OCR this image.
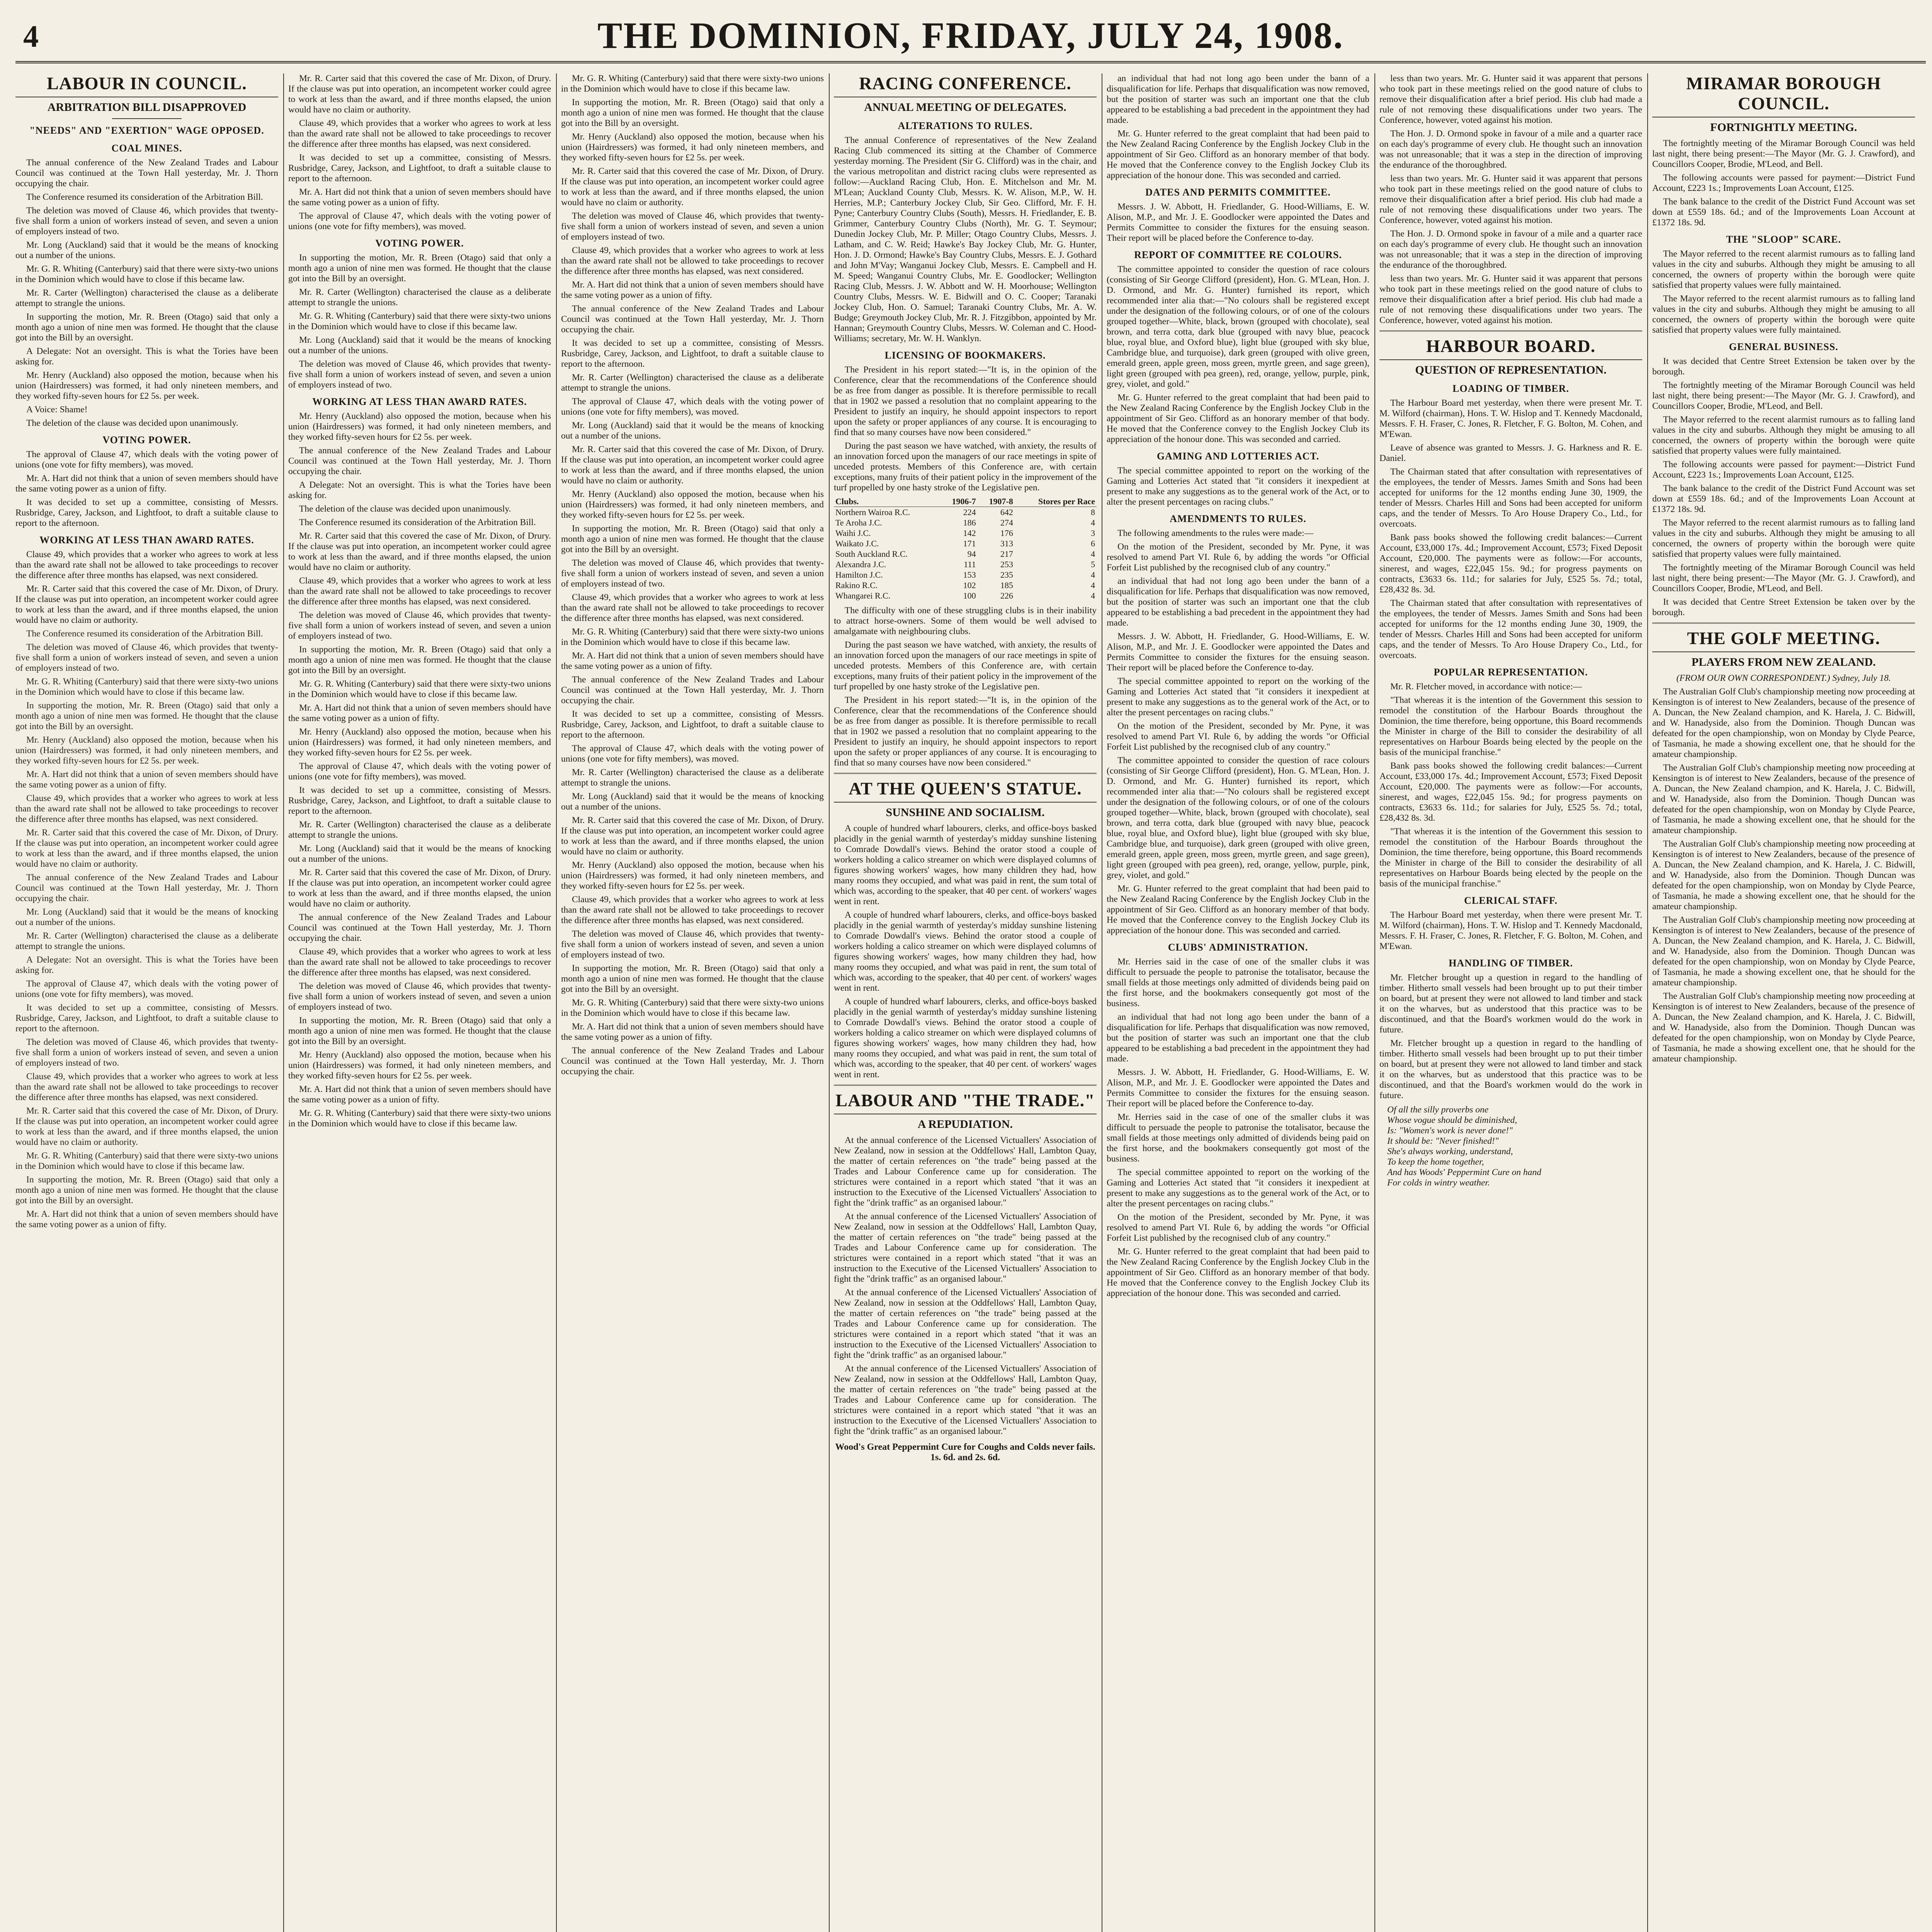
4	THE DOMINION, FRIDAY, JULY 24, 1908.
LABOUR IN COUNCIL.
ARBITRATION BILL DISAPPROVED
"NEEDS" AND "EXERTION" WAGE OPPOSED.
COAL MINES.

The annual conference of the New Zealand Trades and Labour Council was continued at the Town Hall yesterday, Mr. J. Thorn occupying the chair.

The Conference resumed its consideration of the Arbitration Bill.

The deletion was moved of Clause 46, which provides that twenty-five shall form a union of workers instead of seven, and seven a union of employers instead of two.

Mr. Long (Auckland) said that it would be the means of knocking out a number of the unions.

Mr. G. R. Whiting (Canterbury) said that there were sixty-two unions in the Dominion which would have to close if this became law.

Mr. R. Carter (Wellington) characterised the clause as a deliberate attempt to strangle the unions.

In supporting the motion, Mr. R. Breen (Otago) said that only a month ago a union of nine men was formed. He thought that the clause got into the Bill by an oversight.

A Delegate: Not an oversight. This is what the Tories have been asking for.

Mr. Henry (Auckland) also opposed the motion, because when his union (Hairdressers) was formed, it had only nineteen members, and they worked fifty-seven hours for £2 5s. per week.

A Voice: Shame!

The deletion of the clause was decided upon unanimously.

VOTING POWER.

The approval of Clause 47, which deals with the voting power of unions (one vote for fifty members), was moved.

Mr. A. Hart did not think that a union of seven members should have the same voting power as a union of fifty.

It was decided to set up a committee, consisting of Messrs. Rusbridge, Carey, Jackson, and Lightfoot, to draft a suitable clause to report to the afternoon.

WORKING AT LESS THAN AWARD RATES.

Clause 49, which provides that a worker who agrees to work at less than the award rate shall not be allowed to take proceedings to recover the difference after three months has elapsed, was next considered.

Mr. R. Carter said that this covered the case of Mr. Dixon, of Drury. If the clause was put into operation, an incompetent worker could agree to work at less than the award, and if three months elapsed, the union would have no claim or authority.

The Conference resumed its consideration of the Arbitration Bill.

The deletion was moved of Clause 46, which provides that twenty-five shall form a union of workers instead of seven, and seven a union of employers instead of two.

Mr. G. R. Whiting (Canterbury) said that there were sixty-two unions in the Dominion which would have to close if this became law.

In supporting the motion, Mr. R. Breen (Otago) said that only a month ago a union of nine men was formed. He thought that the clause got into the Bill by an oversight.

Mr. Henry (Auckland) also opposed the motion, because when his union (Hairdressers) was formed, it had only nineteen members, and they worked fifty-seven hours for £2 5s. per week.

Mr. A. Hart did not think that a union of seven members should have the same voting power as a union of fifty.

Clause 49, which provides that a worker who agrees to work at less than the award rate shall not be allowed to take proceedings to recover the difference after three months has elapsed, was next considered.

Mr. R. Carter said that this covered the case of Mr. Dixon, of Drury. If the clause was put into operation, an incompetent worker could agree to work at less than the award, and if three months elapsed, the union would have no claim or authority.

The annual conference of the New Zealand Trades and Labour Council was continued at the Town Hall yesterday, Mr. J. Thorn occupying the chair.

Mr. Long (Auckland) said that it would be the means of knocking out a number of the unions.

Mr. R. Carter (Wellington) characterised the clause as a deliberate attempt to strangle the unions.

A Delegate: Not an oversight. This is what the Tories have been asking for.

The approval of Clause 47, which deals with the voting power of unions (one vote for fifty members), was moved.

It was decided to set up a committee, consisting of Messrs. Rusbridge, Carey, Jackson, and Lightfoot, to draft a suitable clause to report to the afternoon.

The deletion was moved of Clause 46, which provides that twenty-five shall form a union of workers instead of seven, and seven a union of employers instead of two.

Clause 49, which provides that a worker who agrees to work at less than the award rate shall not be allowed to take proceedings to recover the difference after three months has elapsed, was next considered.

Mr. R. Carter said that this covered the case of Mr. Dixon, of Drury. If the clause was put into operation, an incompetent worker could agree to work at less than the award, and if three months elapsed, the union would have no claim or authority.

Mr. G. R. Whiting (Canterbury) said that there were sixty-two unions in the Dominion which would have to close if this became law.

In supporting the motion, Mr. R. Breen (Otago) said that only a month ago a union of nine men was formed. He thought that the clause got into the Bill by an oversight.

Mr. A. Hart did not think that a union of seven members should have the same voting power as a union of fifty.

Mr. R. Carter said that this covered the case of Mr. Dixon, of Drury. If the clause was put into operation, an incompetent worker could agree to work at less than the award, and if three months elapsed, the union would have no claim or authority.

Clause 49, which provides that a worker who agrees to work at less than the award rate shall not be allowed to take proceedings to recover the difference after three months has elapsed, was next considered.

It was decided to set up a committee, consisting of Messrs. Rusbridge, Carey, Jackson, and Lightfoot, to draft a suitable clause to report to the afternoon.

Mr. A. Hart did not think that a union of seven members should have the same voting power as a union of fifty.

The approval of Clause 47, which deals with the voting power of unions (one vote for fifty members), was moved.

VOTING POWER.

In supporting the motion, Mr. R. Breen (Otago) said that only a month ago a union of nine men was formed. He thought that the clause got into the Bill by an oversight.

Mr. R. Carter (Wellington) characterised the clause as a deliberate attempt to strangle the unions.

Mr. G. R. Whiting (Canterbury) said that there were sixty-two unions in the Dominion which would have to close if this became law.

Mr. Long (Auckland) said that it would be the means of knocking out a number of the unions.

The deletion was moved of Clause 46, which provides that twenty-five shall form a union of workers instead of seven, and seven a union of employers instead of two.

WORKING AT LESS THAN AWARD RATES.

Mr. Henry (Auckland) also opposed the motion, because when his union (Hairdressers) was formed, it had only nineteen members, and they worked fifty-seven hours for £2 5s. per week.

The annual conference of the New Zealand Trades and Labour Council was continued at the Town Hall yesterday, Mr. J. Thorn occupying the chair.

A Delegate: Not an oversight. This is what the Tories have been asking for.

The deletion of the clause was decided upon unanimously.

The Conference resumed its consideration of the Arbitration Bill.

Mr. R. Carter said that this covered the case of Mr. Dixon, of Drury. If the clause was put into operation, an incompetent worker could agree to work at less than the award, and if three months elapsed, the union would have no claim or authority.

Clause 49, which provides that a worker who agrees to work at less than the award rate shall not be allowed to take proceedings to recover the difference after three months has elapsed, was next considered.

The deletion was moved of Clause 46, which provides that twenty-five shall form a union of workers instead of seven, and seven a union of employers instead of two.

In supporting the motion, Mr. R. Breen (Otago) said that only a month ago a union of nine men was formed. He thought that the clause got into the Bill by an oversight.

Mr. G. R. Whiting (Canterbury) said that there were sixty-two unions in the Dominion which would have to close if this became law.

Mr. A. Hart did not think that a union of seven members should have the same voting power as a union of fifty.

Mr. Henry (Auckland) also opposed the motion, because when his union (Hairdressers) was formed, it had only nineteen members, and they worked fifty-seven hours for £2 5s. per week.

The approval of Clause 47, which deals with the voting power of unions (one vote for fifty members), was moved.

It was decided to set up a committee, consisting of Messrs. Rusbridge, Carey, Jackson, and Lightfoot, to draft a suitable clause to report to the afternoon.

Mr. R. Carter (Wellington) characterised the clause as a deliberate attempt to strangle the unions.

Mr. Long (Auckland) said that it would be the means of knocking out a number of the unions.

Mr. R. Carter said that this covered the case of Mr. Dixon, of Drury. If the clause was put into operation, an incompetent worker could agree to work at less than the award, and if three months elapsed, the union would have no claim or authority.

The annual conference of the New Zealand Trades and Labour Council was continued at the Town Hall yesterday, Mr. J. Thorn occupying the chair.

Clause 49, which provides that a worker who agrees to work at less than the award rate shall not be allowed to take proceedings to recover the difference after three months has elapsed, was next considered.

The deletion was moved of Clause 46, which provides that twenty-five shall form a union of workers instead of seven, and seven a union of employers instead of two.

In supporting the motion, Mr. R. Breen (Otago) said that only a month ago a union of nine men was formed. He thought that the clause got into the Bill by an oversight.

Mr. Henry (Auckland) also opposed the motion, because when his union (Hairdressers) was formed, it had only nineteen members, and they worked fifty-seven hours for £2 5s. per week.

Mr. A. Hart did not think that a union of seven members should have the same voting power as a union of fifty.

Mr. G. R. Whiting (Canterbury) said that there were sixty-two unions in the Dominion which would have to close if this became law.

Mr. G. R. Whiting (Canterbury) said that there were sixty-two unions in the Dominion which would have to close if this became law.

In supporting the motion, Mr. R. Breen (Otago) said that only a month ago a union of nine men was formed. He thought that the clause got into the Bill by an oversight.

Mr. Henry (Auckland) also opposed the motion, because when his union (Hairdressers) was formed, it had only nineteen members, and they worked fifty-seven hours for £2 5s. per week.

Mr. R. Carter said that this covered the case of Mr. Dixon, of Drury. If the clause was put into operation, an incompetent worker could agree to work at less than the award, and if three months elapsed, the union would have no claim or authority.

The deletion was moved of Clause 46, which provides that twenty-five shall form a union of workers instead of seven, and seven a union of employers instead of two.

Clause 49, which provides that a worker who agrees to work at less than the award rate shall not be allowed to take proceedings to recover the difference after three months has elapsed, was next considered.

Mr. A. Hart did not think that a union of seven members should have the same voting power as a union of fifty.

The annual conference of the New Zealand Trades and Labour Council was continued at the Town Hall yesterday, Mr. J. Thorn occupying the chair.

It was decided to set up a committee, consisting of Messrs. Rusbridge, Carey, Jackson, and Lightfoot, to draft a suitable clause to report to the afternoon.

Mr. R. Carter (Wellington) characterised the clause as a deliberate attempt to strangle the unions.

The approval of Clause 47, which deals with the voting power of unions (one vote for fifty members), was moved.

Mr. Long (Auckland) said that it would be the means of knocking out a number of the unions.

Mr. R. Carter said that this covered the case of Mr. Dixon, of Drury. If the clause was put into operation, an incompetent worker could agree to work at less than the award, and if three months elapsed, the union would have no claim or authority.

Mr. Henry (Auckland) also opposed the motion, because when his union (Hairdressers) was formed, it had only nineteen members, and they worked fifty-seven hours for £2 5s. per week.

In supporting the motion, Mr. R. Breen (Otago) said that only a month ago a union of nine men was formed. He thought that the clause got into the Bill by an oversight.

The deletion was moved of Clause 46, which provides that twenty-five shall form a union of workers instead of seven, and seven a union of employers instead of two.

Clause 49, which provides that a worker who agrees to work at less than the award rate shall not be allowed to take proceedings to recover the difference after three months has elapsed, was next considered.

Mr. G. R. Whiting (Canterbury) said that there were sixty-two unions in the Dominion which would have to close if this became law.

Mr. A. Hart did not think that a union of seven members should have the same voting power as a union of fifty.

The annual conference of the New Zealand Trades and Labour Council was continued at the Town Hall yesterday, Mr. J. Thorn occupying the chair.

It was decided to set up a committee, consisting of Messrs. Rusbridge, Carey, Jackson, and Lightfoot, to draft a suitable clause to report to the afternoon.

The approval of Clause 47, which deals with the voting power of unions (one vote for fifty members), was moved.

Mr. R. Carter (Wellington) characterised the clause as a deliberate attempt to strangle the unions.

Mr. Long (Auckland) said that it would be the means of knocking out a number of the unions.

Mr. R. Carter said that this covered the case of Mr. Dixon, of Drury. If the clause was put into operation, an incompetent worker could agree to work at less than the award, and if three months elapsed, the union would have no claim or authority.

Mr. Henry (Auckland) also opposed the motion, because when his union (Hairdressers) was formed, it had only nineteen members, and they worked fifty-seven hours for £2 5s. per week.

Clause 49, which provides that a worker who agrees to work at less than the award rate shall not be allowed to take proceedings to recover the difference after three months has elapsed, was next considered.

The deletion was moved of Clause 46, which provides that twenty-five shall form a union of workers instead of seven, and seven a union of employers instead of two.

In supporting the motion, Mr. R. Breen (Otago) said that only a month ago a union of nine men was formed. He thought that the clause got into the Bill by an oversight.

Mr. G. R. Whiting (Canterbury) said that there were sixty-two unions in the Dominion which would have to close if this became law.

Mr. A. Hart did not think that a union of seven members should have the same voting power as a union of fifty.

The annual conference of the New Zealand Trades and Labour Council was continued at the Town Hall yesterday, Mr. J. Thorn occupying the chair.

RACING CONFERENCE.
ANNUAL MEETING OF DELEGATES.
ALTERATIONS TO RULES.

The annual Conference of representatives of the New Zealand Racing Club commenced its sitting at the Chamber of Commerce yesterday morning. The President (Sir G. Clifford) was in the chair, and the various metropolitan and district racing clubs were represented as follow:—Auckland Racing Club, Hon. E. Mitchelson and Mr. M. M'Lean; Auckland County Club, Messrs. K. W. Alison, M.P., W. H. Herries, M.P.; Canterbury Jockey Club, Sir Geo. Clifford, Mr. F. H. Pyne; Canterbury Country Clubs (South), Messrs. H. Friedlander, E. B. Grimmer, Canterbury Country Clubs (North), Mr. G. T. Seymour; Dunedin Jockey Club, Mr. P. Miller; Otago Country Clubs, Messrs. J. Latham, and C. W. Reid; Hawke's Bay Jockey Club, Mr. G. Hunter, Hon. J. D. Ormond; Hawke's Bay Country Clubs, Messrs. E. J. Gothard and John M'Vay; Wanganui Jockey Club, Messrs. E. Campbell and H. M. Speed; Wanganui Country Clubs, Mr. E. Goodlocker; Wellington Racing Club, Messrs. J. W. Abbott and W. H. Moorhouse; Wellington Country Clubs, Messrs. W. E. Bidwill and O. C. Cooper; Taranaki Jockey Club, Hon. O. Samuel; Taranaki Country Clubs, Mr. A. W. Budge; Greymouth Jockey Club, Mr. R. J. Fitzgibbon, appointed by Mr. Hannan; Greymouth Country Clubs, Messrs. W. Coleman and C. Hood-Williams; secretary, Mr. W. H. Wanklyn.

LICENSING OF BOOKMAKERS.

The President in his report stated:—"It is, in the opinion of the Conference, clear that the recommendations of the Conference should be as free from danger as possible. It is therefore permissible to recall that in 1902 we passed a resolution that no complaint appearing to the President to justify an inquiry, he should appoint inspectors to report upon the safety or proper appliances of any course. It is encouraging to find that so many courses have now been considered."

During the past season we have watched, with anxiety, the results of an innovation forced upon the managers of our race meetings in spite of unceded protests. Members of this Conference are, with certain exceptions, many fruits of their patient policy in the improvement of the turf propelled by one hasty stroke of the Legislative pen.

Clubs.	1906-7	1907-8	Stores per Race
Northern Wairoa R.C.	224	642	8
Te Aroha J.C.	186	274	4
Waihi J.C.	142	176	3
Waikato J.C.	171	313	6
South Auckland R.C.	94	217	4
Alexandra J.C.	111	253	5
Hamilton J.C.	153	235	4
Rakino R.C.	102	185	4
Whangarei R.C.	100	226	4

The difficulty with one of these struggling clubs is in their inability to attract horse-owners. Some of them would be well advised to amalgamate with neighbouring clubs.

During the past season we have watched, with anxiety, the results of an innovation forced upon the managers of our race meetings in spite of unceded protests. Members of this Conference are, with certain exceptions, many fruits of their patient policy in the improvement of the turf propelled by one hasty stroke of the Legislative pen.

The President in his report stated:—"It is, in the opinion of the Conference, clear that the recommendations of the Conference should be as free from danger as possible. It is therefore permissible to recall that in 1902 we passed a resolution that no complaint appearing to the President to justify an inquiry, he should appoint inspectors to report upon the safety or proper appliances of any course. It is encouraging to find that so many courses have now been considered."

AT THE QUEEN'S STATUE.
SUNSHINE AND SOCIALISM.

A couple of hundred wharf labourers, clerks, and office-boys basked placidly in the genial warmth of yesterday's midday sunshine listening to Comrade Dowdall's views. Behind the orator stood a couple of workers holding a calico streamer on which were displayed columns of figures showing workers' wages, how many children they had, how many rooms they occupied, and what was paid in rent, the sum total of which was, according to the speaker, that 40 per cent. of workers' wages went in rent.

A couple of hundred wharf labourers, clerks, and office-boys basked placidly in the genial warmth of yesterday's midday sunshine listening to Comrade Dowdall's views. Behind the orator stood a couple of workers holding a calico streamer on which were displayed columns of figures showing workers' wages, how many children they had, how many rooms they occupied, and what was paid in rent, the sum total of which was, according to the speaker, that 40 per cent. of workers' wages went in rent.

A couple of hundred wharf labourers, clerks, and office-boys basked placidly in the genial warmth of yesterday's midday sunshine listening to Comrade Dowdall's views. Behind the orator stood a couple of workers holding a calico streamer on which were displayed columns of figures showing workers' wages, how many children they had, how many rooms they occupied, and what was paid in rent, the sum total of which was, according to the speaker, that 40 per cent. of workers' wages went in rent.

LABOUR AND "THE TRADE."
A REPUDIATION.

At the annual conference of the Licensed Victuallers' Association of New Zealand, now in session at the Oddfellows' Hall, Lambton Quay, the matter of certain references on "the trade" being passed at the Trades and Labour Conference came up for consideration. The strictures were contained in a report which stated "that it was an instruction to the Executive of the Licensed Victuallers' Association to fight the "drink traffic" as an organised labour."

At the annual conference of the Licensed Victuallers' Association of New Zealand, now in session at the Oddfellows' Hall, Lambton Quay, the matter of certain references on "the trade" being passed at the Trades and Labour Conference came up for consideration. The strictures were contained in a report which stated "that it was an instruction to the Executive of the Licensed Victuallers' Association to fight the "drink traffic" as an organised labour."

At the annual conference of the Licensed Victuallers' Association of New Zealand, now in session at the Oddfellows' Hall, Lambton Quay, the matter of certain references on "the trade" being passed at the Trades and Labour Conference came up for consideration. The strictures were contained in a report which stated "that it was an instruction to the Executive of the Licensed Victuallers' Association to fight the "drink traffic" as an organised labour."

At the annual conference of the Licensed Victuallers' Association of New Zealand, now in session at the Oddfellows' Hall, Lambton Quay, the matter of certain references on "the trade" being passed at the Trades and Labour Conference came up for consideration. The strictures were contained in a report which stated "that it was an instruction to the Executive of the Licensed Victuallers' Association to fight the "drink traffic" as an organised labour."

Wood's Great Peppermint Cure for Coughs and Colds never fails. 1s. 6d. and 2s. 6d.

an individual that had not long ago been under the bann of a disqualification for life. Perhaps that disqualification was now removed, but the position of starter was such an important one that the club appeared to be establishing a bad precedent in the appointment they had made.

Mr. G. Hunter referred to the great complaint that had been paid to the New Zealand Racing Conference by the English Jockey Club in the appointment of Sir Geo. Clifford as an honorary member of that body. He moved that the Conference convey to the English Jockey Club its appreciation of the honour done. This was seconded and carried.

DATES AND PERMITS COMMITTEE.

Messrs. J. W. Abbott, H. Friedlander, G. Hood-Williams, E. W. Alison, M.P., and Mr. J. E. Goodlocker were appointed the Dates and Permits Committee to consider the fixtures for the ensuing season. Their report will be placed before the Conference to-day.

REPORT OF COMMITTEE RE COLOURS.

The committee appointed to consider the question of race colours (consisting of Sir George Clifford (president), Hon. G. M'Lean, Hon. J. D. Ormond, and Mr. G. Hunter) furnished its report, which recommended inter alia that:—"No colours shall be registered except under the designation of the following colours, or of one of the colours grouped together—White, black, brown (grouped with chocolate), seal brown, and terra cotta, dark blue (grouped with navy blue, peacock blue, royal blue, and Oxford blue), light blue (grouped with sky blue, Cambridge blue, and turquoise), dark green (grouped with olive green, emerald green, apple green, moss green, myrtle green, and sage green), light green (grouped with pea green), red, orange, yellow, purple, pink, grey, violet, and gold."

Mr. G. Hunter referred to the great complaint that had been paid to the New Zealand Racing Conference by the English Jockey Club in the appointment of Sir Geo. Clifford as an honorary member of that body. He moved that the Conference convey to the English Jockey Club its appreciation of the honour done. This was seconded and carried.

GAMING AND LOTTERIES ACT.

The special committee appointed to report on the working of the Gaming and Lotteries Act stated that "it considers it inexpedient at present to make any suggestions as to the general work of the Act, or to alter the present percentages on racing clubs."

AMENDMENTS TO RULES.

The following amendments to the rules were made:—

On the motion of the President, seconded by Mr. Pyne, it was resolved to amend Part VI. Rule 6, by adding the words "or Official Forfeit List published by the recognised club of any country."

an individual that had not long ago been under the bann of a disqualification for life. Perhaps that disqualification was now removed, but the position of starter was such an important one that the club appeared to be establishing a bad precedent in the appointment they had made.

Messrs. J. W. Abbott, H. Friedlander, G. Hood-Williams, E. W. Alison, M.P., and Mr. J. E. Goodlocker were appointed the Dates and Permits Committee to consider the fixtures for the ensuing season. Their report will be placed before the Conference to-day.

The special committee appointed to report on the working of the Gaming and Lotteries Act stated that "it considers it inexpedient at present to make any suggestions as to the general work of the Act, or to alter the present percentages on racing clubs."

On the motion of the President, seconded by Mr. Pyne, it was resolved to amend Part VI. Rule 6, by adding the words "or Official Forfeit List published by the recognised club of any country."

The committee appointed to consider the question of race colours (consisting of Sir George Clifford (president), Hon. G. M'Lean, Hon. J. D. Ormond, and Mr. G. Hunter) furnished its report, which recommended inter alia that:—"No colours shall be registered except under the designation of the following colours, or of one of the colours grouped together—White, black, brown (grouped with chocolate), seal brown, and terra cotta, dark blue (grouped with navy blue, peacock blue, royal blue, and Oxford blue), light blue (grouped with sky blue, Cambridge blue, and turquoise), dark green (grouped with olive green, emerald green, apple green, moss green, myrtle green, and sage green), light green (grouped with pea green), red, orange, yellow, purple, pink, grey, violet, and gold."

Mr. G. Hunter referred to the great complaint that had been paid to the New Zealand Racing Conference by the English Jockey Club in the appointment of Sir Geo. Clifford as an honorary member of that body. He moved that the Conference convey to the English Jockey Club its appreciation of the honour done. This was seconded and carried.

CLUBS' ADMINISTRATION.

Mr. Herries said in the case of one of the smaller clubs it was difficult to persuade the people to patronise the totalisator, because the small fields at those meetings only admitted of dividends being paid on the first horse, and the bookmakers consequently got most of the business.

an individual that had not long ago been under the bann of a disqualification for life. Perhaps that disqualification was now removed, but the position of starter was such an important one that the club appeared to be establishing a bad precedent in the appointment they had made.

Messrs. J. W. Abbott, H. Friedlander, G. Hood-Williams, E. W. Alison, M.P., and Mr. J. E. Goodlocker were appointed the Dates and Permits Committee to consider the fixtures for the ensuing season. Their report will be placed before the Conference to-day.

Mr. Herries said in the case of one of the smaller clubs it was difficult to persuade the people to patronise the totalisator, because the small fields at those meetings only admitted of dividends being paid on the first horse, and the bookmakers consequently got most of the business.

The special committee appointed to report on the working of the Gaming and Lotteries Act stated that "it considers it inexpedient at present to make any suggestions as to the general work of the Act, or to alter the present percentages on racing clubs."

On the motion of the President, seconded by Mr. Pyne, it was resolved to amend Part VI. Rule 6, by adding the words "or Official Forfeit List published by the recognised club of any country."

Mr. G. Hunter referred to the great complaint that had been paid to the New Zealand Racing Conference by the English Jockey Club in the appointment of Sir Geo. Clifford as an honorary member of that body. He moved that the Conference convey to the English Jockey Club its appreciation of the honour done. This was seconded and carried.

less than two years. Mr. G. Hunter said it was apparent that persons who took part in these meetings relied on the good nature of clubs to remove their disqualification after a brief period. His club had made a rule of not removing these disqualifications under two years. The Conference, however, voted against his motion.

The Hon. J. D. Ormond spoke in favour of a mile and a quarter race on each day's programme of every club. He thought such an innovation was not unreasonable; that it was a step in the direction of improving the endurance of the thoroughbred.

less than two years. Mr. G. Hunter said it was apparent that persons who took part in these meetings relied on the good nature of clubs to remove their disqualification after a brief period. His club had made a rule of not removing these disqualifications under two years. The Conference, however, voted against his motion.

The Hon. J. D. Ormond spoke in favour of a mile and a quarter race on each day's programme of every club. He thought such an innovation was not unreasonable; that it was a step in the direction of improving the endurance of the thoroughbred.

less than two years. Mr. G. Hunter said it was apparent that persons who took part in these meetings relied on the good nature of clubs to remove their disqualification after a brief period. His club had made a rule of not removing these disqualifications under two years. The Conference, however, voted against his motion.

HARBOUR BOARD.
QUESTION OF REPRESENTATION.
LOADING OF TIMBER.

The Harbour Board met yesterday, when there were present Mr. T. M. Wilford (chairman), Hons. T. W. Hislop and T. Kennedy Macdonald, Messrs. F. H. Fraser, C. Jones, R. Fletcher, F. G. Bolton, M. Cohen, and M'Ewan.

Leave of absence was granted to Messrs. J. G. Harkness and R. E. Daniel.

The Chairman stated that after consultation with representatives of the employees, the tender of Messrs. James Smith and Sons had been accepted for uniforms for the 12 months ending June 30, 1909, the tender of Messrs. Charles Hill and Sons had been accepted for uniform caps, and the tender of Messrs. To Aro House Drapery Co., Ltd., for overcoats.

Bank pass books showed the following credit balances:—Current Account, £33,000 17s. 4d.; Improvement Account, £573; Fixed Deposit Account, £20,000. The payments were as follow:—For accounts, sinerest, and wages, £22,045 15s. 9d.; for progress payments on contracts, £3633 6s. 11d.; for salaries for July, £525 5s. 7d.; total, £28,432 8s. 3d.

The Chairman stated that after consultation with representatives of the employees, the tender of Messrs. James Smith and Sons had been accepted for uniforms for the 12 months ending June 30, 1909, the tender of Messrs. Charles Hill and Sons had been accepted for uniform caps, and the tender of Messrs. To Aro House Drapery Co., Ltd., for overcoats.

POPULAR REPRESENTATION.

Mr. R. Fletcher moved, in accordance with notice:—

"That whereas it is the intention of the Government this session to remodel the constitution of the Harbour Boards throughout the Dominion, the time therefore, being opportune, this Board recommends the Minister in charge of the Bill to consider the desirability of all representatives on Harbour Boards being elected by the people on the basis of the municipal franchise."

Bank pass books showed the following credit balances:—Current Account, £33,000 17s. 4d.; Improvement Account, £573; Fixed Deposit Account, £20,000. The payments were as follow:—For accounts, sinerest, and wages, £22,045 15s. 9d.; for progress payments on contracts, £3633 6s. 11d.; for salaries for July, £525 5s. 7d.; total, £28,432 8s. 3d.

"That whereas it is the intention of the Government this session to remodel the constitution of the Harbour Boards throughout the Dominion, the time therefore, being opportune, this Board recommends the Minister in charge of the Bill to consider the desirability of all representatives on Harbour Boards being elected by the people on the basis of the municipal franchise."

CLERICAL STAFF.

The Harbour Board met yesterday, when there were present Mr. T. M. Wilford (chairman), Hons. T. W. Hislop and T. Kennedy Macdonald, Messrs. F. H. Fraser, C. Jones, R. Fletcher, F. G. Bolton, M. Cohen, and M'Ewan.

HANDLING OF TIMBER.

Mr. Fletcher brought up a question in regard to the handling of timber. Hitherto small vessels had been brought up to put their timber on board, but at present they were not allowed to land timber and stack it on the wharves, but as understood that this practice was to be discontinued, and that the Board's workmen would do the work in future.

Mr. Fletcher brought up a question in regard to the handling of timber. Hitherto small vessels had been brought up to put their timber on board, but at present they were not allowed to land timber and stack it on the wharves, but as understood that this practice was to be discontinued, and that the Board's workmen would do the work in future.

Of all the silly proverbs one

Whose vogue should be diminished,

Is: "Women's work is never done!"

It should be: "Never finished!"

She's always working, understand,

To keep the home together,

And has Woods' Peppermint Cure on hand

For colds in wintry weather.

MIRAMAR BOROUGH COUNCIL.
FORTNIGHTLY MEETING.

The fortnightly meeting of the Miramar Borough Council was held last night, there being present:—The Mayor (Mr. G. J. Crawford), and Councillors Cooper, Brodie, M'Leod, and Bell.

The following accounts were passed for payment:—District Fund Account, £223 1s.; Improvements Loan Account, £125.

The bank balance to the credit of the District Fund Account was set down at £559 18s. 6d.; and of the Improvements Loan Account at £1372 18s. 9d.

THE "SLOOP" SCARE.

The Mayor referred to the recent alarmist rumours as to falling land values in the city and suburbs. Although they might be amusing to all concerned, the owners of property within the borough were quite satisfied that property values were fully maintained.

The Mayor referred to the recent alarmist rumours as to falling land values in the city and suburbs. Although they might be amusing to all concerned, the owners of property within the borough were quite satisfied that property values were fully maintained.

GENERAL BUSINESS.

It was decided that Centre Street Extension be taken over by the borough.

The fortnightly meeting of the Miramar Borough Council was held last night, there being present:—The Mayor (Mr. G. J. Crawford), and Councillors Cooper, Brodie, M'Leod, and Bell.

The Mayor referred to the recent alarmist rumours as to falling land values in the city and suburbs. Although they might be amusing to all concerned, the owners of property within the borough were quite satisfied that property values were fully maintained.

The following accounts were passed for payment:—District Fund Account, £223 1s.; Improvements Loan Account, £125.

The bank balance to the credit of the District Fund Account was set down at £559 18s. 6d.; and of the Improvements Loan Account at £1372 18s. 9d.

The Mayor referred to the recent alarmist rumours as to falling land values in the city and suburbs. Although they might be amusing to all concerned, the owners of property within the borough were quite satisfied that property values were fully maintained.

The fortnightly meeting of the Miramar Borough Council was held last night, there being present:—The Mayor (Mr. G. J. Crawford), and Councillors Cooper, Brodie, M'Leod, and Bell.

It was decided that Centre Street Extension be taken over by the borough.

THE GOLF MEETING.
PLAYERS FROM NEW ZEALAND.
(FROM OUR OWN CORRESPONDENT.) Sydney, July 18.

The Australian Golf Club's championship meeting now proceeding at Kensington is of interest to New Zealanders, because of the presence of A. Duncan, the New Zealand champion, and K. Harela, J. C. Bidwill, and W. Hanadyside, also from the Dominion. Though Duncan was defeated for the open championship, won on Monday by Clyde Pearce, of Tasmania, he made a showing excellent one, that he should for the amateur championship.

The Australian Golf Club's championship meeting now proceeding at Kensington is of interest to New Zealanders, because of the presence of A. Duncan, the New Zealand champion, and K. Harela, J. C. Bidwill, and W. Hanadyside, also from the Dominion. Though Duncan was defeated for the open championship, won on Monday by Clyde Pearce, of Tasmania, he made a showing excellent one, that he should for the amateur championship.

The Australian Golf Club's championship meeting now proceeding at Kensington is of interest to New Zealanders, because of the presence of A. Duncan, the New Zealand champion, and K. Harela, J. C. Bidwill, and W. Hanadyside, also from the Dominion. Though Duncan was defeated for the open championship, won on Monday by Clyde Pearce, of Tasmania, he made a showing excellent one, that he should for the amateur championship.

The Australian Golf Club's championship meeting now proceeding at Kensington is of interest to New Zealanders, because of the presence of A. Duncan, the New Zealand champion, and K. Harela, J. C. Bidwill, and W. Hanadyside, also from the Dominion. Though Duncan was defeated for the open championship, won on Monday by Clyde Pearce, of Tasmania, he made a showing excellent one, that he should for the amateur championship.

The Australian Golf Club's championship meeting now proceeding at Kensington is of interest to New Zealanders, because of the presence of A. Duncan, the New Zealand champion, and K. Harela, J. C. Bidwill, and W. Hanadyside, also from the Dominion. Though Duncan was defeated for the open championship, won on Monday by Clyde Pearce, of Tasmania, he made a showing excellent one, that he should for the amateur championship.
